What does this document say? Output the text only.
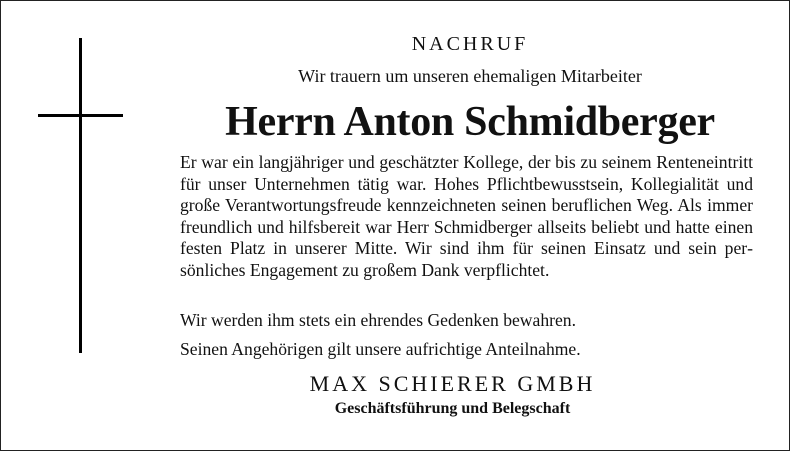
NACHRUF
Wir trauern um unseren ehemaligen Mitarbeiter
Herrn Anton Schmidberger
Er war ein langjähriger und geschätzter Kollege, der bis zu seinem Renteneintritt für unser Unternehmen tätig war. Hohes Pflichtbewusstsein, Kollegialität und große Verantwortungsfreude kennzeichneten seinen beruflichen Weg. Als immer freundlich und hilfsbereit war Herr Schmidberger allseits beliebt und hatte einen festen Platz in unserer Mitte. Wir sind ihm für seinen Einsatz und sein persönliches Engagement zu großem Dank verpflichtet.
Wir werden ihm stets ein ehrendes Gedenken bewahren.
Seinen Angehörigen gilt unsere aufrichtige Anteilnahme.
MAX SCHIERER GMBH
Geschäftsführung und Belegschaft
